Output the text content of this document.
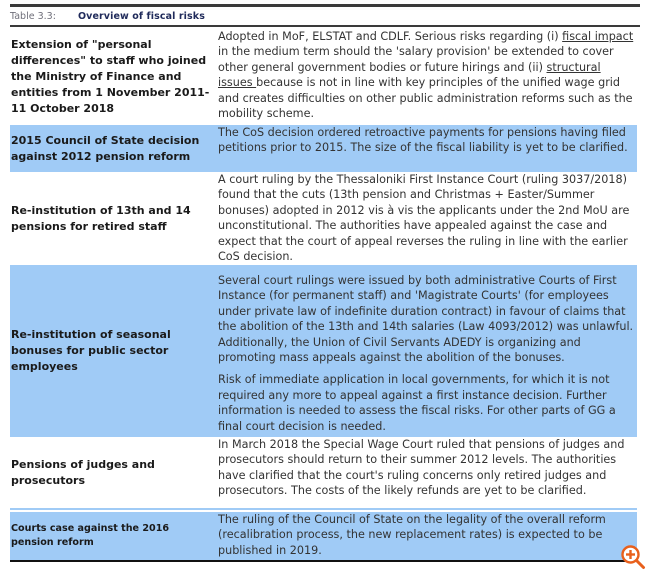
Table 3.3:	Overview of fiscal risks
Extension of "personal differences" to staff who joined the Ministry of Finance and entities from 1 November 2011- 11 October 2018

Adopted in MoF, ELSTAT and CDLF. Serious risks regarding (i) fiscal impact in the medium term should the 'salary provision' be extended to cover other general government bodies or future hirings and (ii) structural issues because is not in line with key principles of the unified wage grid and creates difficulties on other public administration reforms such as the mobility scheme.

2015 Council of State decision against 2012 pension reform

The CoS decision ordered retroactive payments for pensions having filed petitions prior to 2015. The size of the fiscal liability is yet to be clarified.

Re-institution of 13th and 14 pensions for retired staff

A court ruling by the Thessaloniki First Instance Court (ruling 3037/2018) found that the cuts (13th pension and Christmas + Easter/Summer bonuses) adopted in 2012 vis à vis the applicants under the 2nd MoU are unconstitutional. The authorities have appealed against the case and expect that the court of appeal reverses the ruling in line with the earlier CoS decision.

Re-institution of seasonal bonuses for public sector employees

Several court rulings were issued by both administrative Courts of First Instance (for permanent staff) and 'Magistrate Courts' (for employees under private law of indefinite duration contract) in favour of claims that the abolition of the 13th and 14th salaries (Law 4093/2012) was unlawful. Additionally, the Union of Civil Servants ADEDY is organizing and promoting mass appeals against the abolition of the bonuses.

Risk of immediate application in local governments, for which it is not required any more to appeal against a first instance decision. Further information is needed to assess the fiscal risks. For other parts of GG a final court decision is needed.

Pensions of judges and prosecutors

In March 2018 the Special Wage Court ruled that pensions of judges and prosecutors should return to their summer 2012 levels. The authorities have clarified that the court's ruling concerns only retired judges and prosecutors. The costs of the likely refunds are yet to be clarified.

Courts case against the 2016 pension reform

The ruling of the Council of State on the legality of the overall reform (recalibration process, the new replacement rates) is expected to be published in 2019.
